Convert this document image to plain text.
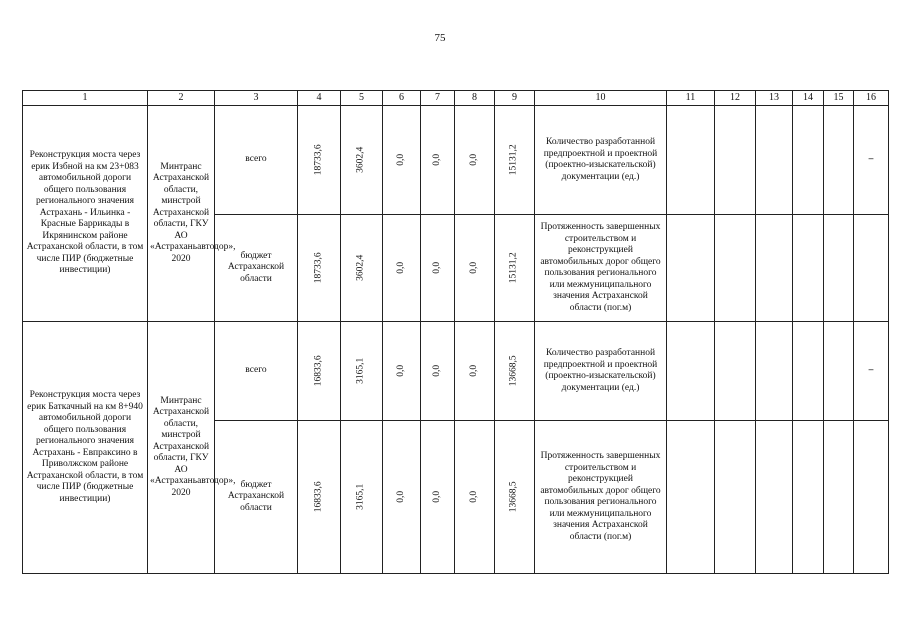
75
1	2	3	4	5	6	7	8	9	10	11	12	13	14	15	16
Реконструкция моста через ерик Избной на км 23+083 автомобильной дороги общего пользования регионального значения Астрахань - Ильинка - Красные Баррикады в Икрянинском районе Астраханской области, в том числе ПИР (бюджетные инвестиции)	Минтранс Астраханской области, минстрой Астраханской области, ГКУ АО «Астраханьавтодор», 2020	всего	18733,6	3602,4	0,0	0,0	0,0	15131,2	Количество разработанной предпроектной и проектной (проектно-изыскательской) документации (ед.)						–
		бюджет Астраханской области	18733,6	3602,4	0,0	0,0	0,0	15131,2	Протяженность завершенных строительством и реконструкцией автомобильных дорог общего пользования регионального или межмуниципального значения Астраханской области (пог.м)						
Реконструкция моста через ерик Баткачный на км 8+940 автомобильной дороги общего пользования регионального значения Астрахань - Евпраксино в Приволжском районе Астраханской области, в том числе ПИР (бюджетные инвестиции)	Минтранс Астраханской области, минстрой Астраханской области, ГКУ АО «Астраханьавтодор», 2020	всего	16833,6	3165,1	0,0	0,0	0,0	13668,5	Количество разработанной предпроектной и проектной (проектно-изыскательской) документации (ед.)						–
		бюджет Астраханской области	16833,6	3165,1	0,0	0,0	0,0	13668,5	Протяженность завершенных строительством и реконструкцией автомобильных дорог общего пользования регионального или межмуниципального значения Астраханской области (пог.м)						
